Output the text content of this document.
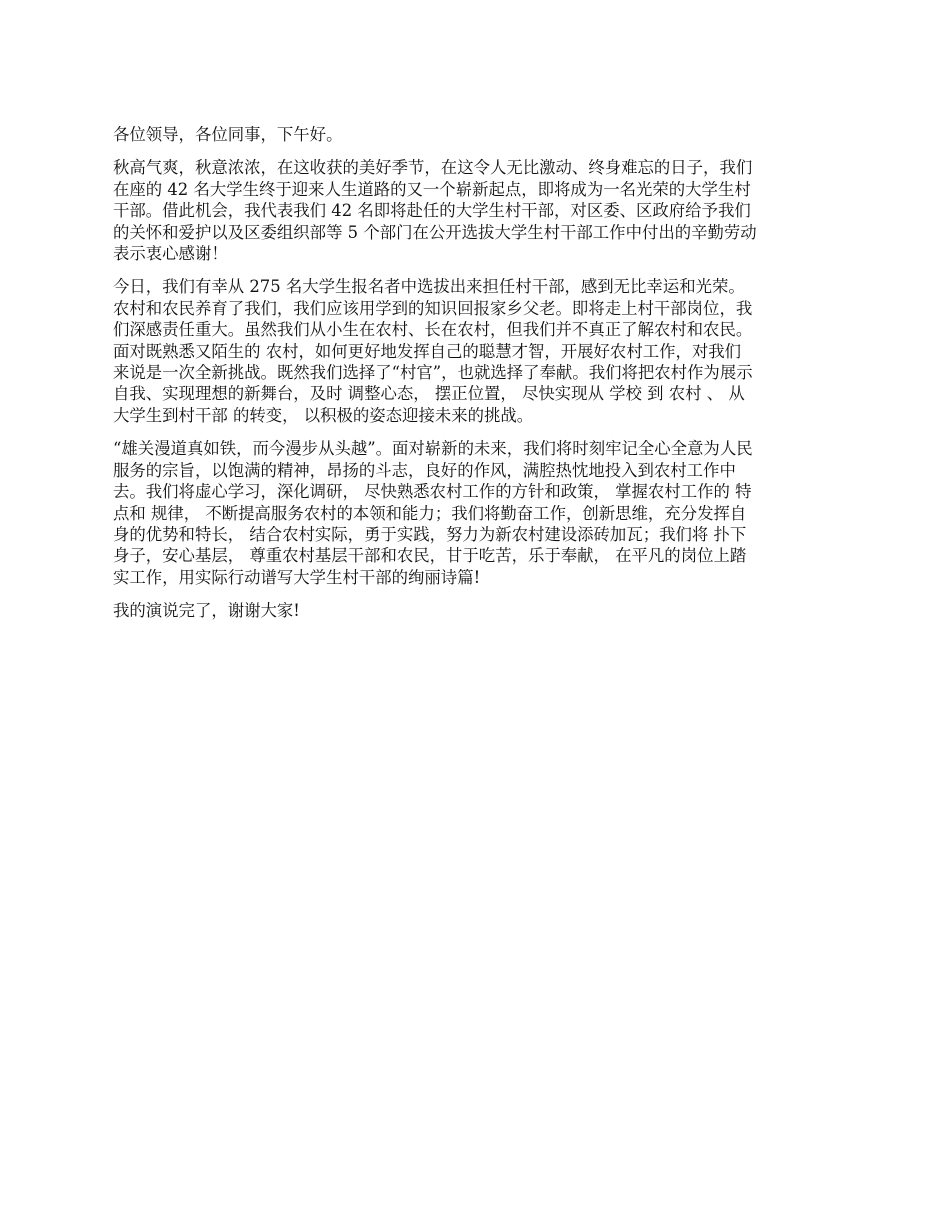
各位领导，各位同事，下午好。

秋高气爽，秋意浓浓，在这收获的美好季节，在这令人无比激动、终身难忘的日子，我们
在座的 42 名大学生终于迎来人生道路的又一个崭新起点，即将成为一名光荣的大学生村
干部。借此机会，我代表我们 42 名即将赴任的大学生村干部，对区委、区政府给予我们
的关怀和爱护以及区委组织部等 5 个部门在公开选拔大学生村干部工作中付出的辛勤劳动
表示衷心感谢！

今日，我们有幸从 275 名大学生报名者中选拔出来担任村干部，感到无比幸运和光荣。
农村和农民养育了我们，我们应该用学到的知识回报家乡父老。即将走上村干部岗位，我
们深感责任重大。虽然我们从小生在农村、长在农村，但我们并不真正了解农村和农民。
面对既熟悉又陌生的 农村，如何更好地发挥自己的聪慧才智，开展好农村工作，对我们
来说是一次全新挑战。既然我们选择了“村官”，也就选择了奉献。我们将把农村作为展示
自我、实现理想的新舞台，及时 调整心态， 摆正位置， 尽快实现从 学校 到 农村 、 从
大学生到村干部 的转变， 以积极的姿态迎接未来的挑战。

“雄关漫道真如铁，而今漫步从头越”。面对崭新的未来，我们将时刻牢记全心全意为人民
服务的宗旨，以饱满的精神，昂扬的斗志，良好的作风，满腔热忱地投入到农村工作中
去。我们将虚心学习，深化调研， 尽快熟悉农村工作的方针和政策， 掌握农村工作的 特
点和 规律， 不断提高服务农村的本领和能力；我们将勤奋工作，创新思维，充分发挥自
身的优势和特长， 结合农村实际，勇于实践，努力为新农村建设添砖加瓦；我们将 扑下
身子，安心基层， 尊重农村基层干部和农民，甘于吃苦，乐于奉献， 在平凡的岗位上踏
实工作，用实际行动谱写大学生村干部的绚丽诗篇!

我的演说完了，谢谢大家!
